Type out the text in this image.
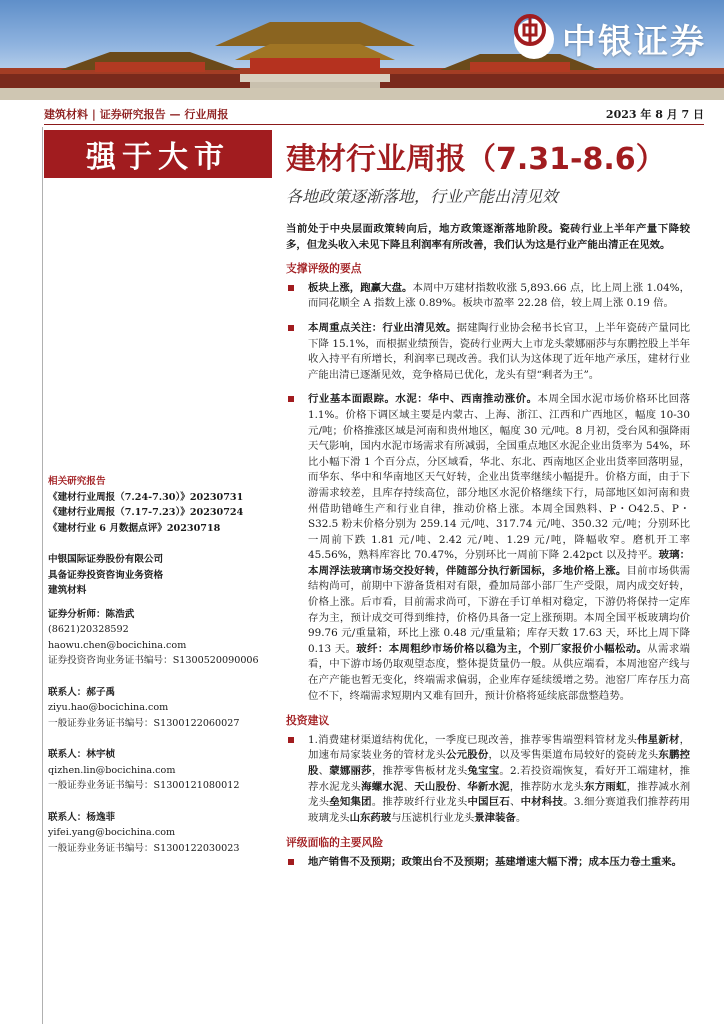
中银证券
建筑材料 | 证券研究报告 — 行业周报	2023 年 8 月 7 日
强于大市	建材行业周报（7.31-8.6）
各地政策逐渐落地，行业产能出清见效
相关研究报告
《建材行业周报（7.24-7.30）》20230731
《建材行业周报（7.17-7.23）》20230724
《建材行业 6 月数据点评》20230718
中银国际证券股份有限公司
具备证券投资咨询业务资格
建筑材料
证券分析师：陈浩武
(8621)20328592
haowu.chen@bocichina.com
证券投资咨询业务证书编号：S1300520090006
联系人：郝子禹
ziyu.hao@bocichina.com
一般证券业务证书编号：S1300122060027
联系人：林宇桢
qizhen.lin@bocichina.com
一般证券业务证书编号：S1300121080012
联系人：杨逸菲
yifei.yang@bocichina.com
一般证券业务证书编号：S1300122030023
当前处于中央层面政策转向后，地方政策逐渐落地阶段。瓷砖行业上半年产量下降较多，但龙头收入未见下降且利润率有所改善，我们认为这是行业产能出清正在见效。
支撑评级的要点
板块上涨，跑赢大盘。本周中万建材指数收涨 5,893.66 点，比上周上涨 1.04%，而同花顺全 A 指数上涨 0.89%。板块市盈率 22.28 倍，较上周上涨 0.19 倍。
本周重点关注：行业出清见效。据建陶行业协会秘书长官卫，上半年瓷砖产量同比下降 15.1%，而根据业绩预告，瓷砖行业两大上市龙头蒙娜丽莎与东鹏控股上半年收入持平有所增长，利润率已现改善。我们认为这体现了近年地产承压，建材行业产能出清已逐渐见效，竞争格局已优化，龙头有望“剩者为王”。
行业基本面跟踪。水泥：华中、西南推动涨价。本周全国水泥市场价格环比回落 1.1%。价格下调区域主要是内蒙古、上海、浙江、江西和广西地区，幅度 10-30 元/吨；价格推涨区域是河南和贵州地区，幅度 30 元/吨。8 月初，受台风和强降雨天气影响，国内水泥市场需求有所减弱，全国重点地区水泥企业出货率为 54%，环比小幅下滑 1 个百分点，分区域看，华北、东北、西南地区企业出货率回落明显，而华东、华中和华南地区天气好转，企业出货率继续小幅提升。价格方面，由于下游需求较差，且库存持续高位，部分地区水泥价格继续下行，局部地区如河南和贵州借助错峰生产和行业自律，推动价格上涨。本周全国熟料、P・O42.5、P・S32.5 粉末价格分别为 259.14 元/吨、317.74 元/吨、350.32 元/吨；分别环比一周前下跌 1.81 元/吨、2.42 元/吨、1.29 元/吨，降幅收窄。磨机开工率 45.56%，熟料库容比 70.47%，分别环比一周前下降 2.42pct 以及持平。玻璃：本周浮法玻璃市场交投好转，伴随部分执行新国标，多地价格上涨。目前市场供需结构尚可，前期中下游备货相对有限，叠加局部小部厂生产受限，周内成交好转，价格上涨。后市看，目前需求尚可，下游在手订单相对稳定，下游仍将保持一定库存为主，预计成交可得到维持，价格仍具备一定上涨预期。本周全国平板玻璃均价 99.76 元/重量箱，环比上涨 0.48 元/重量箱；库存天数 17.63 天，环比上周下降 0.13 天。玻纤：本周粗纱市场价格以稳为主，个别厂家报价小幅松动。从需求端看，中下游市场仍取观望态度，整体提货量仍一般。从供应端看，本周池窑产线与在产产能也暂无变化，终端需求偏弱，企业库存延续缓增之势。池窑厂库存压力高位不下，终端需求短期内又难有回升，预计价格将延续底部盘整趋势。
投资建议
1.消费建材渠道结构优化，一季度已现改善，推荐零售端塑料管材龙头伟星新材，加速布局家装业务的管材龙头公元股份，以及零售渠道布局较好的瓷砖龙头东鹏控股、蒙娜丽莎，推荐零售板材龙头兔宝宝。2.若投资端恢复，看好开工端建材，推荐水泥龙头海螺水泥、天山股份、华新水泥，推荐防水龙头东方雨虹，推荐减水剂龙头垒知集团。推荐玻纤行业龙头中国巨石、中材科技。3.细分赛道我们推荐药用玻璃龙头山东药玻与压滤机行业龙头景津装备。
评级面临的主要风险
地产销售不及预期；政策出台不及预期；基建增速大幅下滑；成本压力卷土重来。
